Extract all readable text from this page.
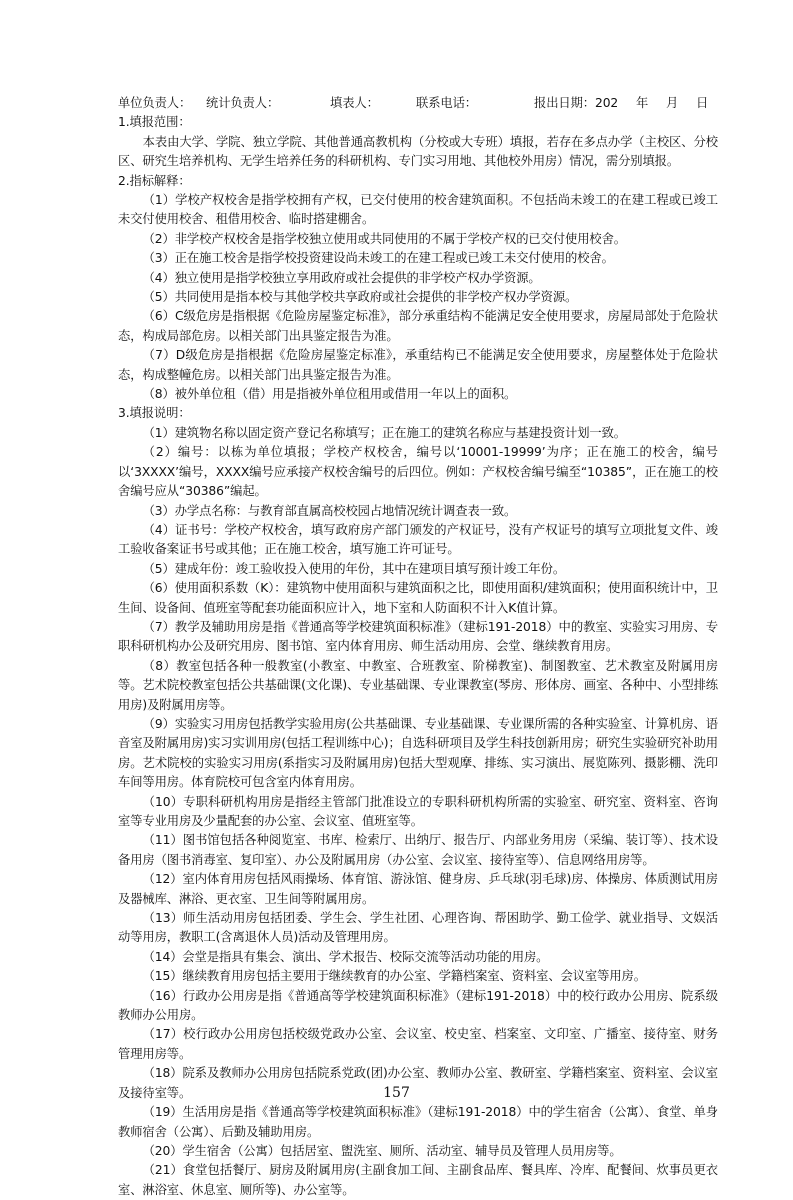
单位负责人： 统计负责人：	填表人：	联系电话：	报出日期：202 年 月 日
1.填报范围：

本表由大学、学院、独立学院、其他普通高教机构（分校或大专班）填报，若存在多点办学（主校区、分校区、研究生培养机构、无学生培养任务的科研机构、专门实习用地、其他校外用房）情况，需分别填报。

2.指标解释：

（1）学校产权校舍是指学校拥有产权，已交付使用的校舍建筑面积。不包括尚未竣工的在建工程或已竣工未交付使用校舍、租借用校舍、临时搭建棚舍。

（2）非学校产权校舍是指学校独立使用或共同使用的不属于学校产权的已交付使用校舍。

（3）正在施工校舍是指学校投资建设尚未竣工的在建工程或已竣工未交付使用的校舍。

（4）独立使用是指学校独立享用政府或社会提供的非学校产权办学资源。

（5）共同使用是指本校与其他学校共享政府或社会提供的非学校产权办学资源。

（6）C级危房是指根据《危险房屋鉴定标准》，部分承重结构不能满足安全使用要求，房屋局部处于危险状态，构成局部危房。以相关部门出具鉴定报告为准。

（7）D级危房是指根据《危险房屋鉴定标准》，承重结构已不能满足安全使用要求，房屋整体处于危险状态，构成整幢危房。以相关部门出具鉴定报告为准。

（8）被外单位租（借）用是指被外单位租用或借用一年以上的面积。

3.填报说明：

（1）建筑物名称以固定资产登记名称填写；正在施工的建筑名称应与基建投资计划一致。

（2）编号：以栋为单位填报；学校产权校舍，编号以‘10001-19999’为序；正在施工的校舍，编号以‘3XXXX’编号，XXXX编号应承接产权校舍编号的后四位。例如：产权校舍编号编至“10385”，正在施工的校舍编号应从“30386”编起。

（3）办学点名称：与教育部直属高校校园占地情况统计调查表一致。

（4）证书号：学校产权校舍，填写政府房产部门颁发的产权证号，没有产权证号的填写立项批复文件、竣工验收备案证书号或其他；正在施工校舍，填写施工许可证号。

（5）建成年份：竣工验收投入使用的年份，其中在建项目填写预计竣工年份。

（6）使用面积系数（K）：建筑物中使用面积与建筑面积之比，即使用面积/建筑面积；使用面积统计中，卫生间、设备间、值班室等配套功能面积应计入，地下室和人防面积不计入K值计算。

（7）教学及辅助用房是指《普通高等学校建筑面积标准》（建标191-2018）中的教室、实验实习用房、专职科研机构办公及研究用房、图书馆、室内体育用房、师生活动用房、会堂、继续教育用房。

（8）教室包括各种一般教室(小教室、中教室、合班教室、阶梯教室)、制图教室、艺术教室及附属用房等。艺术院校教室包括公共基础课(文化课)、专业基础课、专业课教室(琴房、形体房、画室、各种中、小型排练用房)及附属用房等。

（9）实验实习用房包括教学实验用房(公共基础课、专业基础课、专业课所需的各种实验室、计算机房、语音室及附属用房)实习实训用房(包括工程训练中心)；自选科研项目及学生科技创新用房；研究生实验研究补助用房。艺术院校的实验实习用房(系指实习及附属用房)包括大型观摩、排练、实习演出、展览陈列、摄影棚、洗印车间等用房。体育院校可包含室内体育用房。

（10）专职科研机构用房是指经主管部门批准设立的专职科研机构所需的实验室、研究室、资料室、咨询室等专业用房及少量配套的办公室、会议室、值班室等。

（11）图书馆包括各种阅览室、书库、检索厅、出纳厅、报告厅、内部业务用房（采编、装订等）、技术设备用房（图书消毒室、复印室）、办公及附属用房（办公室、会议室、接待室等）、信息网络用房等。

（12）室内体育用房包括风雨操场、体育馆、游泳馆、健身房、乒乓球(羽毛球)房、体操房、体质测试用房及器械库、淋浴、更衣室、卫生间等附属用房。

（13）师生活动用房包括团委、学生会、学生社团、心理咨询、帮困助学、勤工俭学、就业指导、文娱活动等用房，教职工(含离退休人员)活动及管理用房。

（14）会堂是指具有集会、演出、学术报告、校际交流等活动功能的用房。

（15）继续教育用房包括主要用于继续教育的办公室、学籍档案室、资料室、会议室等用房。

（16）行政办公用房是指《普通高等学校建筑面积标准》（建标191-2018）中的校行政办公用房、院系级教师办公用房。

（17）校行政办公用房包括校级党政办公室、会议室、校史室、档案室、文印室、广播室、接待室、财务管理用房等。

（18）院系及教师办公用房包括院系党政(团)办公室、教师办公室、教研室、学籍档案室、资料室、会议室及接待室等。

（19）生活用房是指《普通高等学校建筑面积标准》（建标191-2018）中的学生宿舍（公寓）、食堂、单身教师宿舍（公寓）、后勤及辅助用房。

（20）学生宿舍（公寓）包括居室、盥洗室、厕所、活动室、辅导员及管理人员用房等。

（21）食堂包括餐厅、厨房及附属用房(主副食加工间、主副食品库、餐具库、冷库、配餐间、炊事员更衣室、淋浴室、休息室、厕所等)、办公室等。

157
